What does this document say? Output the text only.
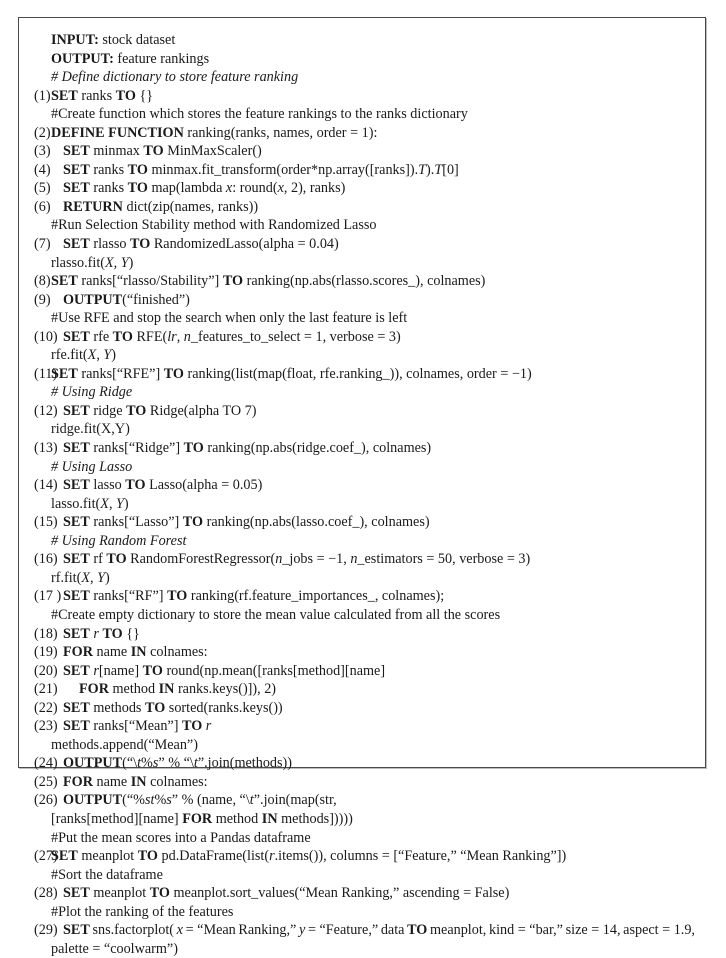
INPUT: stock dataset
OUTPUT: feature rankings
# Define dictionary to store feature ranking
(1) SET ranks TO {}
#Create function which stores the feature rankings to the ranks dictionary
(2) DEFINE FUNCTION ranking(ranks, names, order = 1):
(3) SET minmax TO MinMaxScaler()
(4) SET ranks TO minmax.fit_transform(order*np.array([ranks]).T).T[0]
(5) SET ranks TO map(lambda x: round(x, 2), ranks)
(6) RETURN dict(zip(names, ranks))
#Run Selection Stability method with Randomized Lasso
(7) SET rlasso TO RandomizedLasso(alpha = 0.04)
rlasso.fit(X, Y)
(8) SET ranks[“rlasso/Stability”] TO ranking(np.abs(rlasso.scores_), colnames)
(9) OUTPUT(“finished”)
#Use RFE and stop the search when only the last feature is left
(10) SET rfe TO RFE(lr, n_features_to_select = 1, verbose = 3)
rfe.fit(X, Y)
(11)
SET ranks[“RFE”] TO ranking(list(map(float, rfe.ranking_)), colnames, order = −1)
# Using Ridge
(12) SET ridge TO Ridge(alpha TO 7)
ridge.fit(X,Y)
(13) SET ranks[“Ridge”] TO ranking(np.abs(ridge.coef_), colnames)
# Using Lasso
(14) SET lasso TO Lasso(alpha = 0.05)
lasso.fit(X, Y)
(15) SET ranks[“Lasso”] TO ranking(np.abs(lasso.coef_), colnames)
# Using Random Forest
(16) SET rf TO RandomForestRegressor(n_jobs = −1, n_estimators = 50, verbose = 3)
rf.fit(X, Y)
(17 ) SET ranks[“RF”] TO ranking(rf.feature_importances_, colnames);
#Create empty dictionary to store the mean value calculated from all the scores
(18) SET r TO {}
(19) FOR name IN colnames:
(20) SET r[name] TO round(np.mean([ranks[method][name]
(21) FOR method IN ranks.keys()]), 2)
(22) SET methods TO sorted(ranks.keys())
(23) SET ranks[“Mean”] TO r
methods.append(“Mean”)
(24) OUTPUT(“\t%s” % “\t”.join(methods))
(25) FOR name IN colnames:
(26) OUTPUT(“%st%s” % (name, “\t”.join(map(str,
[ranks[method][name] FOR method IN methods]))))
#Put the mean scores into a Pandas dataframe
(27)
SET meanplot TO pd.DataFrame(list(r.items()), columns = [“Feature,” “Mean Ranking”])
#Sort the dataframe
(28) SET meanplot TO meanplot.sort_values(“Mean Ranking,” ascending = False)
#Plot the ranking of the features
(29) SET sns.factorplot( x = “Mean Ranking,” y = “Feature,” data TO meanplot, kind = “bar,” size = 14, aspect = 1.9,
palette = “coolwarm”)
